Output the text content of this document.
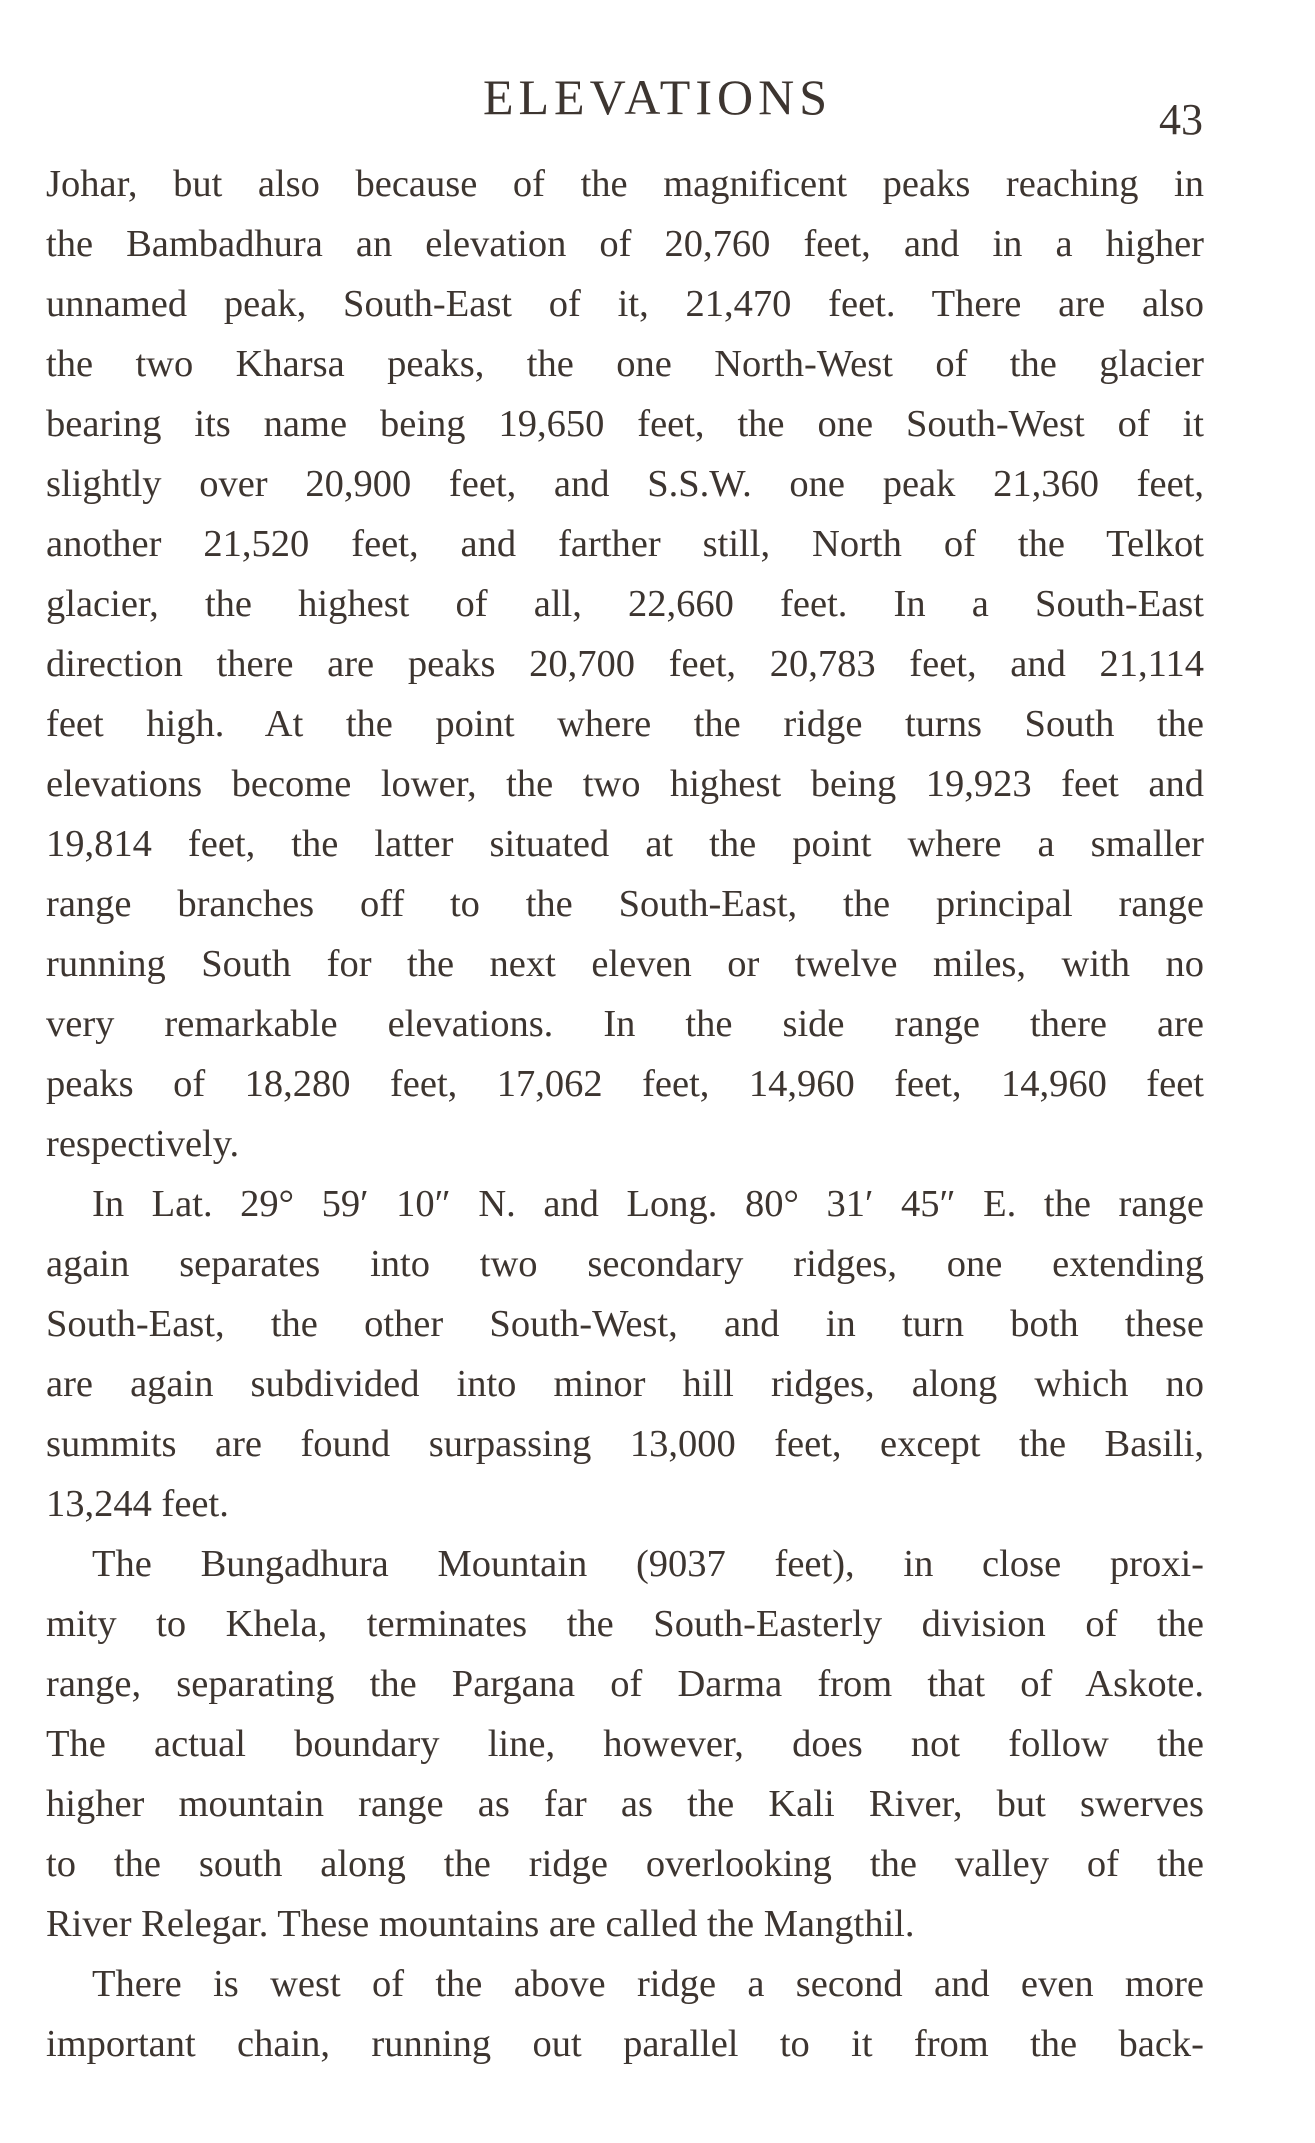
ELEVATIONS	43
Johar, but also because of the magnificent peaks reaching in
the Bambadhura an elevation of 20,760 feet, and in a higher
unnamed peak, South-East of it, 21,470 feet. There are also
the two Kharsa peaks, the one North-West of the glacier
bearing its name being 19,650 feet, the one South-West of it
slightly over 20,900 feet, and S.S.W. one peak 21,360 feet,
another 21,520 feet, and farther still, North of the Telkot
glacier, the highest of all, 22,660 feet. In a South-East
direction there are peaks 20,700 feet, 20,783 feet, and 21,114
feet high. At the point where the ridge turns South the
elevations become lower, the two highest being 19,923 feet and
19,814 feet, the latter situated at the point where a smaller
range branches off to the South-East, the principal range
running South for the next eleven or twelve miles, with no
very remarkable elevations. In the side range there are
peaks of 18,280 feet, 17,062 feet, 14,960 feet, 14,960 feet
respectively.
In Lat. 29° 59′ 10″ N. and Long. 80° 31′ 45″ E. the range
again separates into two secondary ridges, one extending
South-East, the other South-West, and in turn both these
are again subdivided into minor hill ridges, along which no
summits are found surpassing 13,000 feet, except the Basili,
13,244 feet.
The Bungadhura Mountain (9037 feet), in close proxi-
mity to Khela, terminates the South-Easterly division of the
range, separating the Pargana of Darma from that of Askote.
The actual boundary line, however, does not follow the
higher mountain range as far as the Kali River, but swerves
to the south along the ridge overlooking the valley of the
River Relegar. These mountains are called the Mangthil.
There is west of the above ridge a second and even more
important chain, running out parallel to it from the back-
